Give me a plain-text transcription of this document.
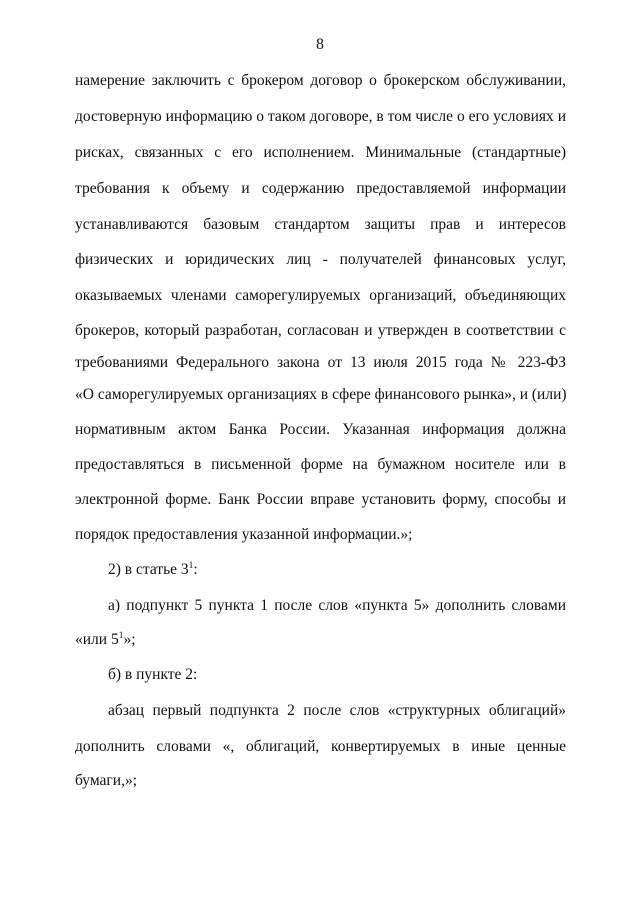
8
намерение заключить с брокером договор о брокерском обслуживании,
достоверную информацию о таком договоре, в том числе о его условиях и
рисках, связанных с его исполнением. Минимальные (стандартные)
требования к объему и содержанию предоставляемой информации
устанавливаются базовым стандартом защиты прав и интересов
физических и юридических лиц - получателей финансовых услуг,
оказываемых членами саморегулируемых организаций, объединяющих
брокеров, который разработан, согласован и утвержден в соответствии с
требованиями Федерального закона от 13 июля 2015 года № 223-ФЗ
«О саморегулируемых организациях в сфере финансового рынка», и (или)
нормативным актом Банка России. Указанная информация должна
предоставляться в письменной форме на бумажном носителе или в
электронной форме. Банк России вправе установить форму, способы и
порядок предоставления указанной информации.»;
2) в статье $3^1$:
а) подпункт 5 пункта 1 после слов «пункта 5» дополнить словами
«или $5^1$»;
б) в пункте 2:
абзац первый подпункта 2 после слов «структурных облигаций»
дополнить словами «, облигаций, конвертируемых в иные ценные
бумаги,»;
